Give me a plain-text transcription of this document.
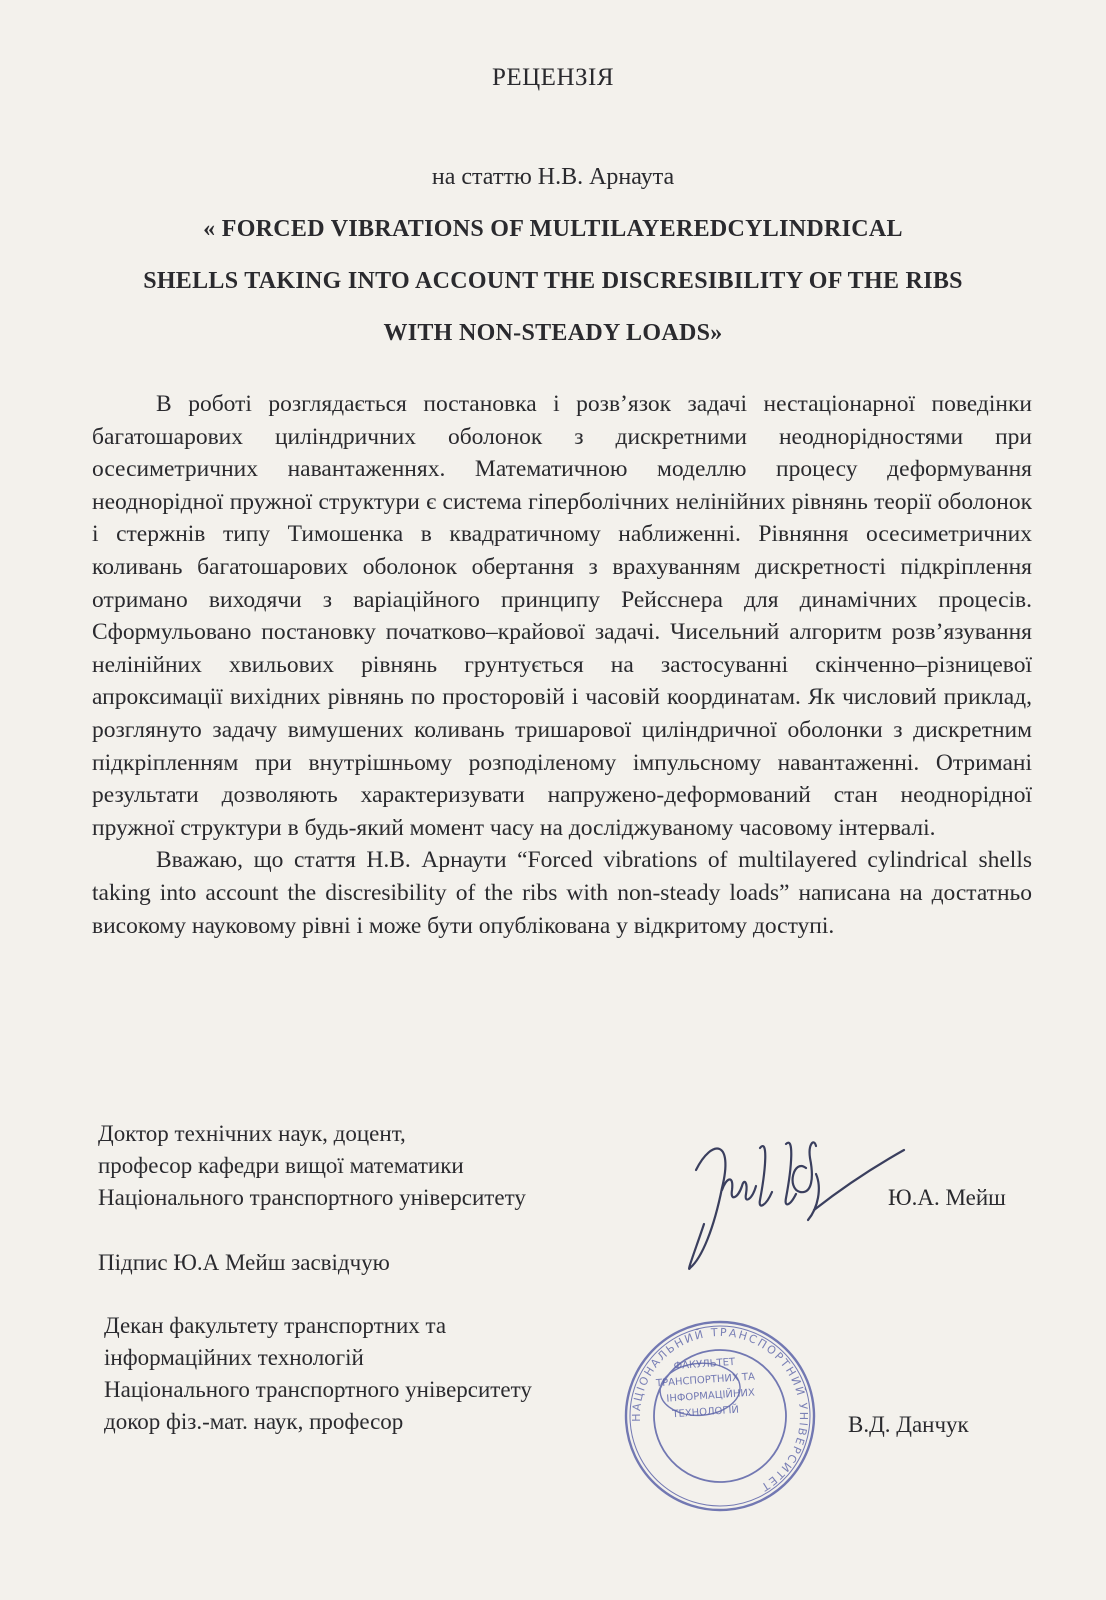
РЕЦЕНЗІЯ
на статтю Н.В. Арнаута
« FORCED VIBRATIONS OF MULTILAYEREDCYLINDRICAL
SHELLS TAKING INTO ACCOUNT THE DISCRESIBILITY OF THE RIBS
WITH NON-STEADY LOADS»

В роботі розглядається постановка і розв’язок задачі нестаціонарної поведінки багатошарових циліндричних оболонок з дискретними неоднорідностями при осесиметричних навантаженнях. Математичною моделлю процесу деформування неоднорідної пружної структури є система гіперболічних нелінійних рівнянь теорії оболонок і стержнів типу Тимошенка в квадратичному наближенні. Рівняння осесиметричних коливань багатошарових оболонок обертання з врахуванням дискретності підкріплення отримано виходячи з варіаційного принципу Рейсснера для динамічних процесів. Сформульовано постановку початково–крайової задачі. Чисельний алгоритм розв’язування нелінійних хвильових рівнянь грунтується на застосуванні скінченно–різницевої апроксимації вихідних рівнянь по просторовій і часовій координатам. Як числовий приклад, розглянуто задачу вимушених коливань тришарової циліндричної оболонки з дискретним підкріпленням при внутрішньому розподіленому імпульсному навантаженні. Отримані результати дозволяють характеризувати напружено-деформований стан неоднорідної пружної структури в будь-який момент часу на досліджуваному часовому інтервалі.

Вважаю, що стаття Н.В. Арнаути “Forced vibrations of multilayered cylindrical shells taking into account the discresibility of the ribs with non-steady loads” написана на достатньо високому науковому рівні і може бути опублікована у відкритому доступі.

Доктор технічних наук, доцент,
професор кафедри вищої математики
Національного транспортного університету	Ю.А. Мейш
Підпис Ю.А Мейш засвідчую
Декан факультету транспортних та
інформаційних технологій
Національного транспортного університету
докор фіз.-мат. наук, професор	НАЦІОНАЛЬНИЙ ТРАНСПОРТНИЙ УНІВЕРСИТЕТ
ФАКУЛЬТЕТ
ТРАНСПОРТНИХ ТА
ІНФОРМАЦІЙНИХ
ТЕХНОЛОГІЙ	В.Д. Данчук
